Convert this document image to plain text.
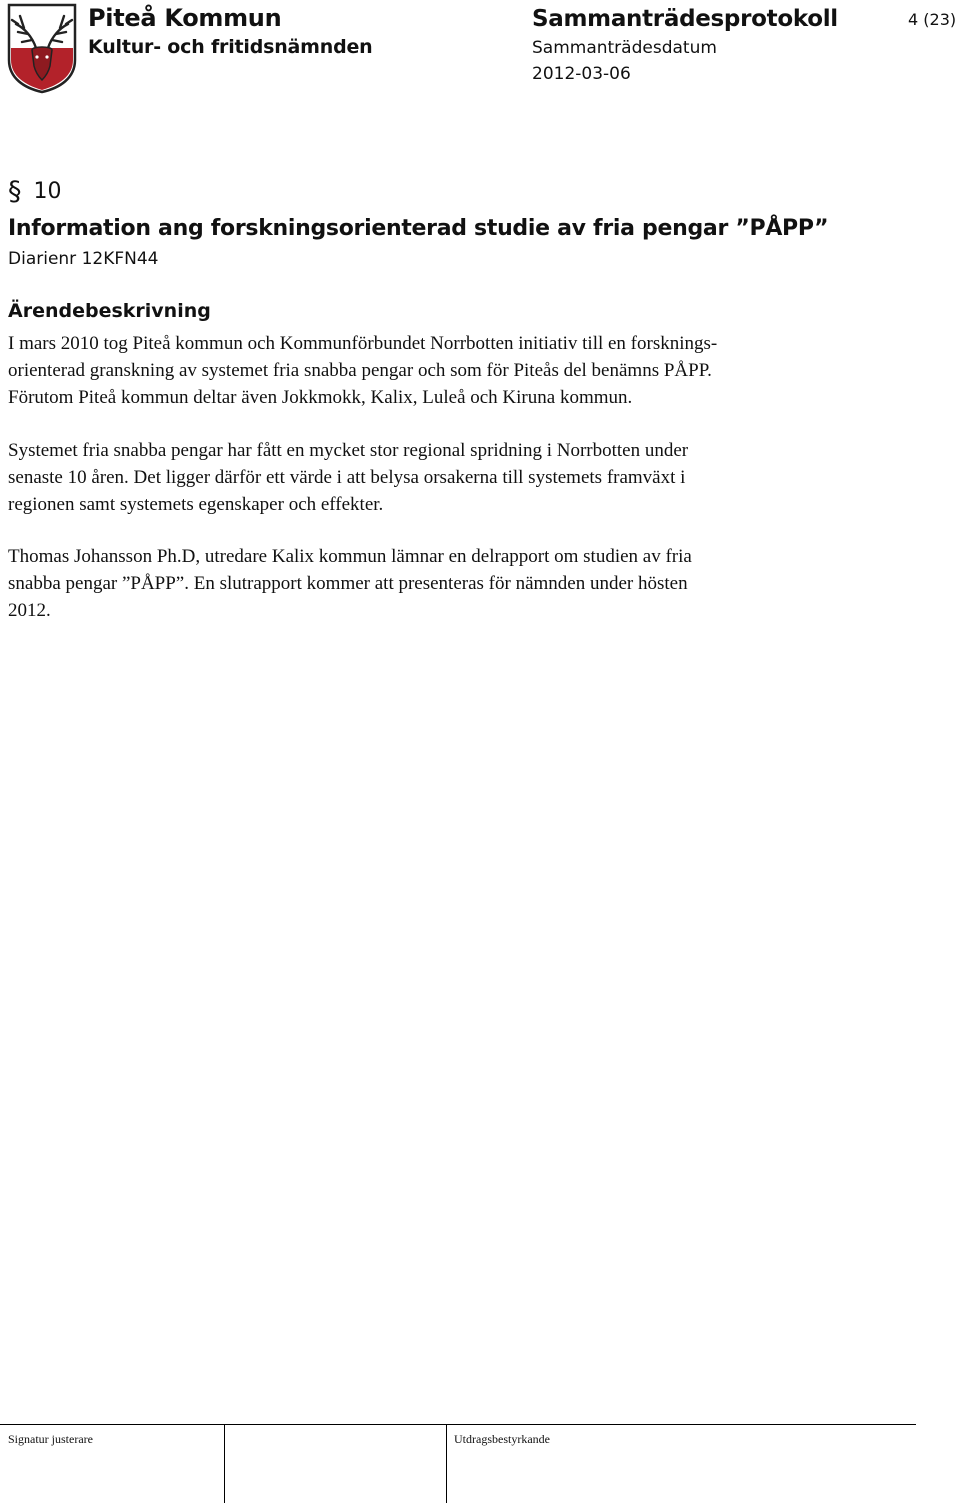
Piteå Kommun
Kultur- och fritidsnämnden
Sammanträdesprotokoll
Sammanträdesdatum
2012-03-06
4 (23)
§ 10
Information ang forskningsorienterad studie av fria pengar ”PÅPP”
Diarienr 12KFN44
Ärendebeskrivning

I mars 2010 tog Piteå kommun och Kommunförbundet Norrbotten initiativ till en forsknings-

orienterad granskning av systemet fria snabba pengar och som för Piteås del benämns PÅPP.

Förutom Piteå kommun deltar även Jokkmokk, Kalix, Luleå och Kiruna kommun.

Systemet fria snabba pengar har fått en mycket stor regional spridning i Norrbotten under

senaste 10 åren. Det ligger därför ett värde i att belysa orsakerna till systemets framväxt i

regionen samt systemets egenskaper och effekter.

Thomas Johansson Ph.D, utredare Kalix kommun lämnar en delrapport om studien av fria

snabba pengar ”PÅPP”. En slutrapport kommer att presenteras för nämnden under hösten

2012.

Signatur justerare	Utdragsbestyrkande
